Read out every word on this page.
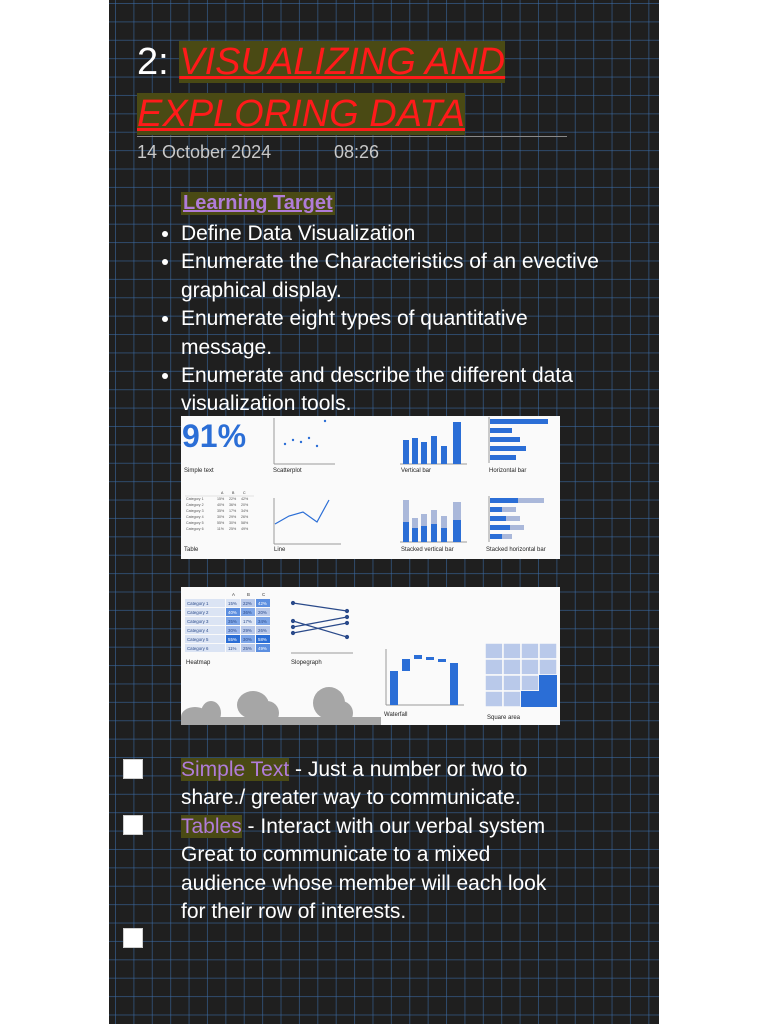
2: VISUALIZING AND
EXPLORING DATA
14 October 2024	08:26
Learning Target
• Define Data Visualization
• Enumerate the Characteristics of an evective graphical display.
• Enumerate eight types of quantitative message.
• Enumerate and describe the different data visualization tools.
91%
Simple text	Scatterplot	Vertical bar	Horizontal bar
A B C
Category 1	15% 22% 42%
Category 2	40% 36% 20%
Category 3	35% 17% 34%
Category 4	30% 29% 26%
Category 5	55% 30% 58%
Category 6	11% 25% 49%
Table	Line	Stacked vertical bar	Stacked horizontal bar
A	B	C
Category 1	15% 22% 42%
Category 2	40% 36% 20%
Category 3	35% 17% 34%
Category 4	30% 29% 26%
Category 5	55% 30% 58%
Category 6	11% 25% 49%
Heatmap	Slopegraph
Waterfall	Square area

Simple Text - Just a number or two to share./ greater way to communicate.

Tables - Interact with our verbal system Great to communicate to a mixed audience whose member will each look for their row of interests.
